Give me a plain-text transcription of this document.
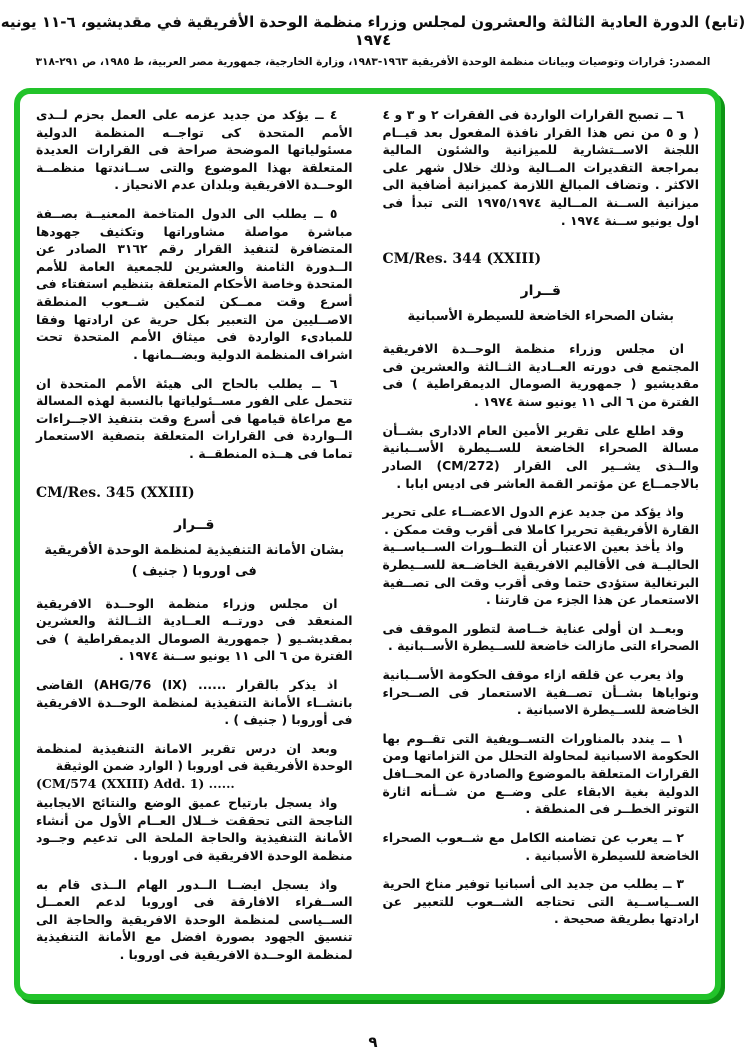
(تابع) الدورة العادية الثالثة والعشرون لمجلس وزراء منظمة الوحدة الأفريقية في مقديشيو، ٦-١١ يونيه ١٩٧٤
المصدر: قرارات وتوصيات وبيانات منظمة الوحدة الأفريقية ١٩٦٣-١٩٨٣، وزارة الخارجية، جمهورية مصر العربية، ط ١٩٨٥، ص ٢٩١-٣١٨

٦ ــ تصبح القرارات الواردة فى الفقرات ٢ و ٣ و ٤ ( و ٥ من نص هذا القرار نافذة المفعول بعد قيــام اللجنة الاســتشارية للميزانية والشئون المالية بمراجعة التقديرات المــالية وذلك خلال شهر على الاكثر . وتضاف المبالغ اللازمة كميزانية أضافية الى ميزانية الســنة المــالية ١٩٧٥/١٩٧٤ التى تبدأ فى اول يونيو ســنة ١٩٧٤ .

CM/Res. 344 (XXIII)

قــرار

بشان الصحراء الخاضعة للسيطرة الأسبانية

ان مجلس وزراء منظمة الوحــدة الافريقية المجتمع فى دورته العــادية الثــالثة والعشرين فى مقديشيو ( جمهورية الصومال الديمقراطية ) فى الفترة من ٦ الى ١١ يونيو سنة ١٩٧٤ .

وقد اطلع على تقرير الأمين العام الادارى بشــأن مسالة الصحراء الخاضعة للســيطرة الأســبانية والــذى يشــير الى القرار ‪(CM/272)‬ الصادر بالاجمــاع عن مؤتمر القمة العاشر فى اديس ابابا .

واذ يؤكد من جديد عزم الدول الاعضــاء على تحرير القارة الأفريقية تحريرا كاملا فى أقرب وقت ممكن .

واذ يأخذ بعين الاعتبار أن التطــورات الســياســية الحاليــة فى الأقاليم الافريقية الخاضــعة للســيطرة البرتغالية ستؤدى حتما وفى أقرب وقت الى تصــفية الاستعمار عن هذا الجزء من قارتنا .

وبعــد ان أولى عناية خــاصة لتطور الموقف فى الصحراء التى مازالت خاضعة للســيطرة الأســبانية .

واذ يعرب عن قلقه ازاء موقف الحكومة الأســبانية ونواياها بشــأن تصــفية الاستعمار فى الصــحراء الخاضعة للســيطرة الاسبانية .

١ ــ يندد بالمناورات التســويفية التى تقــوم بها الحكومة الاسبانية لمحاولة التحلل من التزاماتها ومن القرارات المتعلقة بالموضوع والصادرة عن المحــافل الدولية بغية الابقاء على وضــع من شــأنه اثارة التوتر الخطــر فى المنطقة .

٢ ــ يعرب عن تضامنه الكامل مع شــعوب الصحراء الخاضعة للسيطرة الأسبانية .

٣ ــ يطلب من جديد الى أسبانيا توفير مناخ الحرية الســياســية التى تحتاجه الشــعوب للتعبير عن ارادتها بطريقة صحيحة .

٤ ــ يؤكد من جديد عزمه على العمل بحزم لــدى الأمم المتحدة كى تواجــه المنظمة الدولية مسئولياتها الموضحة صراحة فى القرارات العديدة المتعلقة بهذا الموضوع والتى ســاندتها منظمــة الوحــدة الافريقية وبلدان عدم الانحياز .

٥ ــ يطلب الى الدول المتاخمة المعنيــة بصــفة مباشرة مواصلة مشاوراتها وتكثيف جهودها المتضافرة لتنفيذ القرار رقم ٣١٦٢ الصادر عن الــدورة الثامنة والعشرين للجمعية العامة للأمم المتحدة وخاصة الأحكام المتعلقة بتنظيم استفتاء فى أسرع وقت ممــكن لتمكين شــعوب المنطقة الاصــليين من التعبير بكل حرية عن ارادتها وفقا للمبادىء الواردة فى ميثاق الأمم المتحدة تحت اشراف المنظمة الدولية وبضــمانها .

٦ ــ يطلب بالحاح الى هيئة الأمم المتحدة ان تتحمل على الفور مســئولياتها بالنسبة لهذه المسالة مع مراعاة قيامها فى أسرع وقت بتنفيذ الاجــراءات الــواردة فى القرارات المتعلقة بتصفية الاستعمار تماما فى هــذه المنطقــة .

CM/Res. 345 (XXIII)

قــرار

بشان الأمانة التنفيذية لمنظمة الوحدة الأفريقية

فى اوروبا ( جنيف )

ان مجلس وزراء منظمة الوحــدة الافريقية المنعقد فى دورتــه العــادية الثــالثة والعشرين بمقديشـيو ( جمهورية الصومال الديمقراطية ) فى الفترة من ٦ الى ١١ يونيو ســنة ١٩٧٤ .

اذ يذكر بالقرار ...... ‪(AHG/76 (IX)‬ القاضى بانشــاء الأمانة التنفيذية لمنظمة الوحــدة الافريقية فى أوروبا ( جنيف ) .

وبعد ان درس تقرير الامانة التنفيذية لمنظمة الوحدة الأفريقية فى اوروبا ( الوارد ضمن الوثيقة

(CM/574 (XXIII) Add. 1) ......

واذ يسجل بارتياح عميق الوضع والنتائج الايجابية الناجحة التى تحققت خــلال العــام الأول من أنشاء الأمانة التنفيذية والحاجة الملحة الى تدعيم وجــود منظمة الوحدة الافريقية فى اوروبا .

واذ يسجل ايضــا الــدور الهام الــذى قام به الســفراء الافارقة فى اوروبا لدعم العمــل الســياسى لمنظمة الوحدة الافريقية والحاجة الى تنسيق الجهود بصورة افضل مع الأمانة التنفيذية لمنظمة الوحــدة الافريقية فى اوروبا .

٩
